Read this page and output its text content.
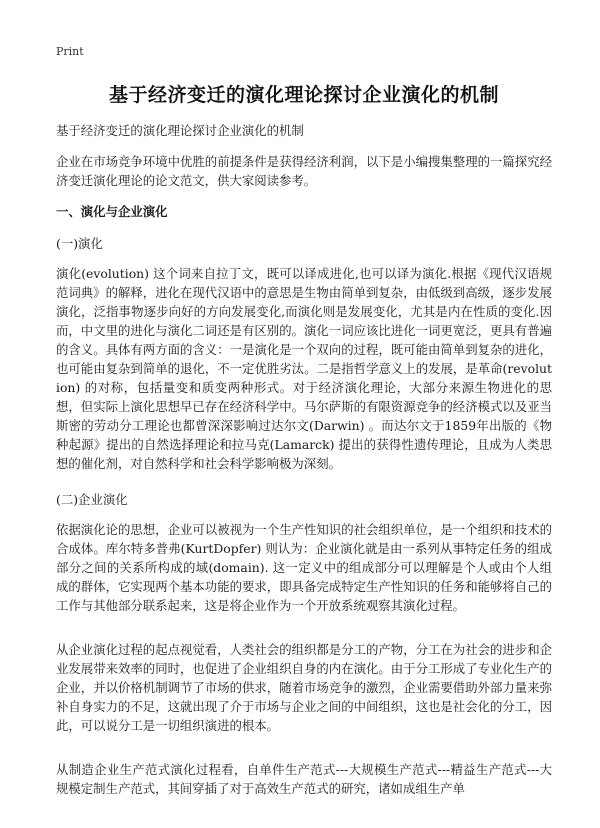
Print
基于经济变迁的演化理论探讨企业演化的机制
基于经济变迁的演化理论探讨企业演化的机制
企业在市场竞争环境中优胜的前提条件是获得经济利润，以下是小编搜集整理的一篇探究经济变迁演化理论的论文范文，供大家阅读参考。
一、演化与企业演化
(一)演化
演化(evolution) 这个词来自拉丁文，既可以译成进化,也可以译为演化.根据《现代汉语规范词典》的解释，进化在现代汉语中的意思是生物由简单到复杂，由低级到高级，逐步发展演化，泛指事物逐步向好的方向发展变化,而演化则是发展变化，尤其是内在性质的变化.因而，中文里的进化与演化二词还是有区别的。演化一词应该比进化一词更宽泛，更具有普遍的含义。具体有两方面的含义：一是演化是一个双向的过程，既可能由简单到复杂的进化，也可能由复杂到简单的退化，不一定优胜劣汰。二是指哲学意义上的发展，是革命(revolution) 的对称，包括量变和质变两种形式。对于经济演化理论，大部分来源生物进化的思想，但实际上演化思想早已存在经济科学中。马尔萨斯的有限资源竞争的经济模式以及亚当斯密的劳动分工理论也都曾深深影响过达尔文(Darwin) 。而达尔文于1859年出版的《物种起源》提出的自然选择理论和拉马克(Lamarck) 提出的获得性遗传理论，且成为人类思想的催化剂，对自然科学和社会科学影响极为深刻。
(二)企业演化
依据演化论的思想，企业可以被视为一个生产性知识的社会组织单位，是一个组织和技术的合成体。库尔特多普弗(KurtDopfer) 则认为：企业演化就是由一系列从事特定任务的组成部分之间的关系所构成的域(domain). 这一定义中的组成部分可以理解是个人或由个人组成的群体，它实现两个基本功能的要求，即具备完成特定生产性知识的任务和能够将自己的工作与其他部分联系起来，这是将企业作为一个开放系统观察其演化过程。
从企业演化过程的起点视觉看，人类社会的组织都是分工的产物，分工在为社会的进步和企业发展带来效率的同时，也促进了企业组织自身的内在演化。由于分工形成了专业化生产的企业，并以价格机制调节了市场的供求，随着市场竞争的激烈，企业需要借助外部力量来弥补自身实力的不足，这就出现了介于市场与企业之间的中间组织，这也是社会化的分工，因此，可以说分工是一切组织演进的根本。
从制造企业生产范式演化过程看，自单件生产范式---大规模生产范式---精益生产范式---大规模定制生产范式，其间穿插了对于高效生产范式的研究，诸如成组生产单
